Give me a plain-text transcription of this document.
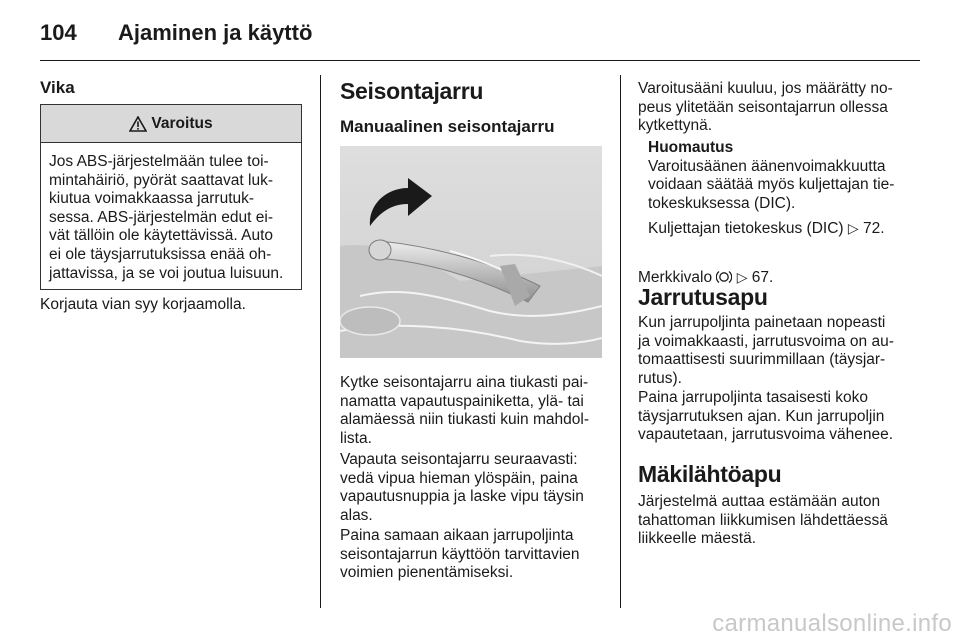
104 Ajaminen ja käyttö
Vika
Varoitus
Jos ABS-järjestelmään tulee toi-
mintahäiriö, pyörät saattavat luk-
kiutua voimakkaassa jarrutuk-
sessa. ABS-järjestelmän edut ei-
vät tällöin ole käytettävissä. Auto
ei ole täysjarrutuksissa enää oh-
jattavissa, ja se voi joutua luisuun.
Korjauta vian syy korjaamolla.
Seisontajarru
Manuaalinen seisontajarru
Kytke seisontajarru aina tiukasti pai-
namatta vapautuspainiketta, ylä- tai
alamäessä niin tiukasti kuin mahdol-
lista.
Vapauta seisontajarru seuraavasti:
vedä vipua hieman ylöspäin, paina
vapautusnuppia ja laske vipu täysin
alas.
Paina samaan aikaan jarrupoljinta
seisontajarrun käyttöön tarvittavien
voimien pienentämiseksi.
Varoitusääni kuuluu, jos määrätty no-
peus ylitetään seisontajarrun ollessa
kytkettynä.
Huomautus
Varoitusäänen äänenvoimakkuutta
voidaan säätää myös kuljettajan tie-
tokeskuksessa (DIC).
Kuljettajan tietokeskus (DIC) ▷ 72.
Merkkivalo ▷ 67.
Jarrutusapu
Kun jarrupoljinta painetaan nopeasti
ja voimakkaasti, jarrutusvoima on au-
tomaattisesti suurimmillaan (täysjar-
rutus).
Paina jarrupoljinta tasaisesti koko
täysjarrutuksen ajan. Kun jarrupoljin
vapautetaan, jarrutusvoima vähenee.
Mäkilähtöapu
Järjestelmä auttaa estämään auton
tahattoman liikkumisen lähdettäessä
liikkeelle mäestä.
carmanualsonline.info
